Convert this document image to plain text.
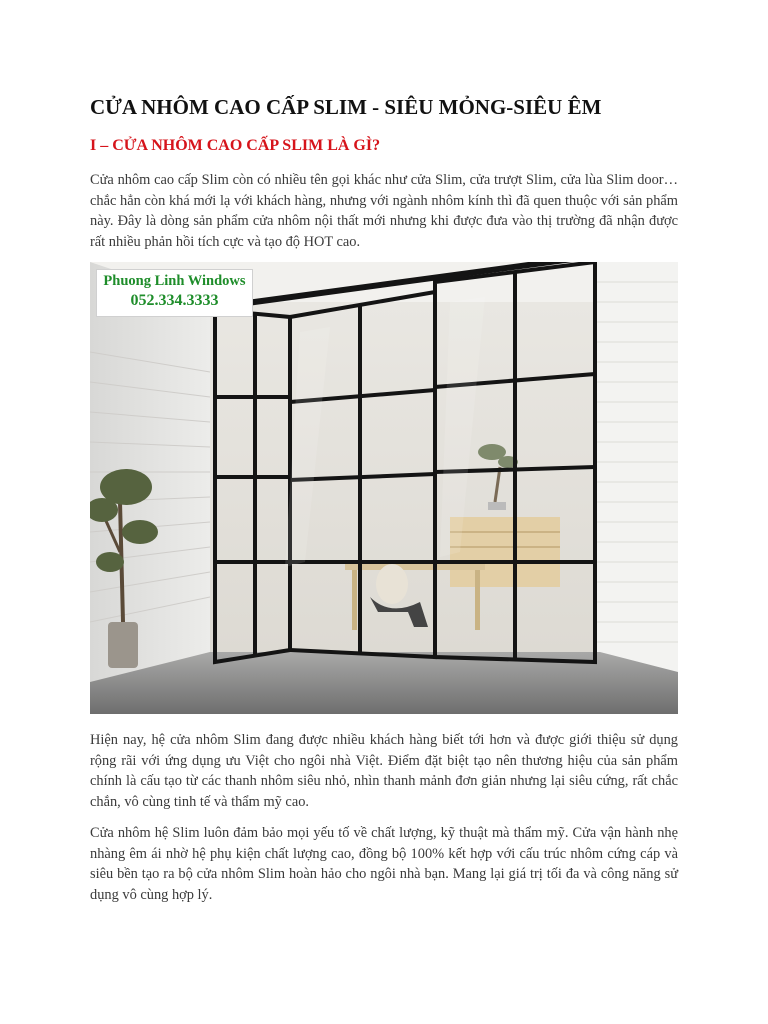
CỬA NHÔM CAO CẤP SLIM - SIÊU MỎNG-SIÊU ÊM
I – CỬA NHÔM CAO CẤP SLIM LÀ GÌ?

Cửa nhôm cao cấp Slim còn có nhiều tên gọi khác như cửa Slim, cửa trượt Slim, cửa lùa Slim door… chắc hẳn còn khá mới lạ với khách hàng, nhưng với ngành nhôm kính thì đã quen thuộc với sản phẩm này. Đây là dòng sản phẩm cửa nhôm nội thất mới nhưng khi được đưa vào thị trường đã nhận được rất nhiều phản hồi tích cực và tạo độ HOT cao.

Phuong Linh Windows
052.334.3333

Hiện nay, hệ cửa nhôm Slim đang được nhiều khách hàng biết tới hơn và được giới thiệu sử dụng rộng rãi với ứng dụng ưu Việt cho ngôi nhà Việt. Điểm đặt biệt tạo nên thương hiệu của sản phẩm chính là cấu tạo từ các thanh nhôm siêu nhỏ, nhìn thanh mảnh đơn giản nhưng lại siêu cứng, rất chắc chắn, vô cùng tinh tế và thẩm mỹ cao.

Cửa nhôm hệ Slim luôn đảm bảo mọi yếu tố về chất lượng, kỹ thuật mà thẩm mỹ. Cửa vận hành nhẹ nhàng êm ái nhờ hệ phụ kiện chất lượng cao, đồng bộ 100% kết hợp với cấu trúc nhôm cứng cáp và siêu bền tạo ra bộ cửa nhôm Slim hoàn hảo cho ngôi nhà bạn. Mang lại giá trị tối đa và công năng sử dụng vô cùng hợp lý.
